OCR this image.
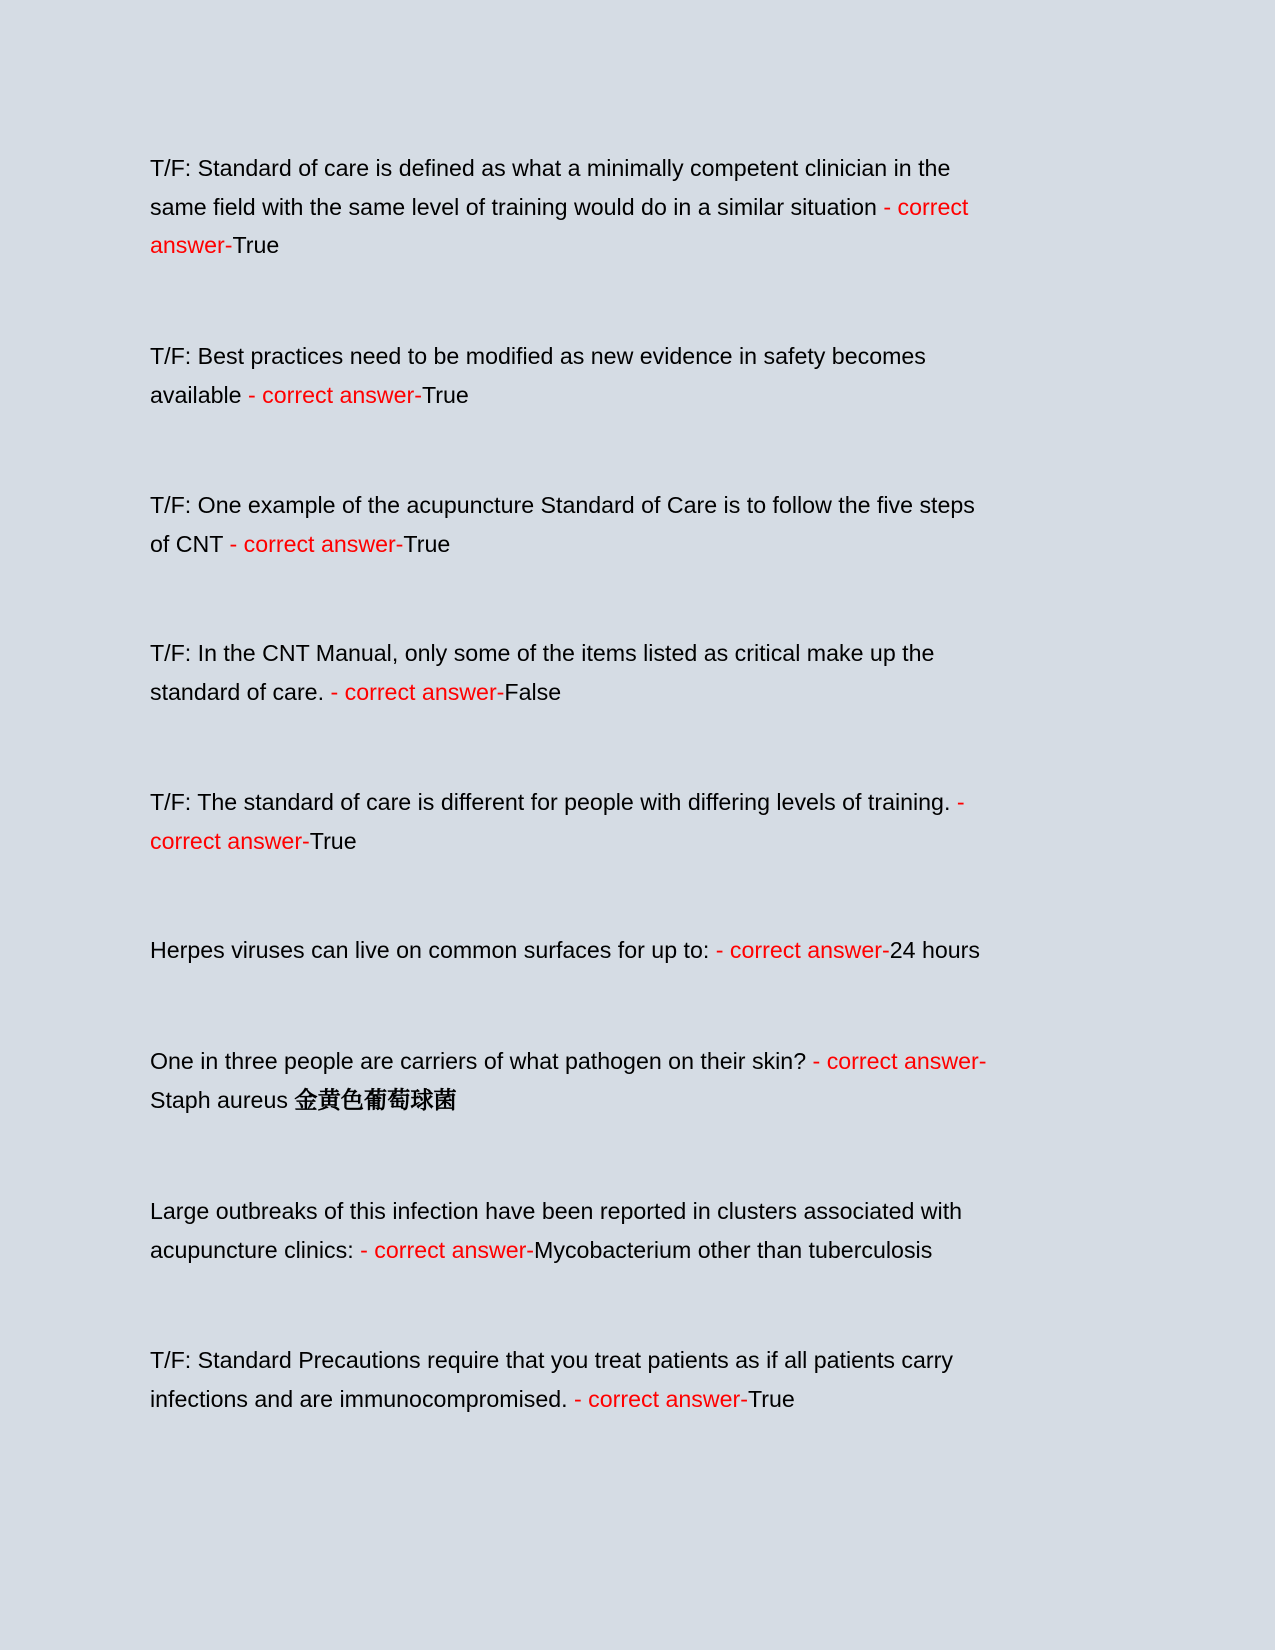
T/F: Standard of care is defined as what a minimally competent clinician in the
same field with the same level of training would do in a similar situation - correct
answer-True
T/F: Best practices need to be modified as new evidence in safety becomes
available - correct answer-True
T/F: One example of the acupuncture Standard of Care is to follow the five steps
of CNT - correct answer-True
T/F: In the CNT Manual, only some of the items listed as critical make up the
standard of care. - correct answer-False
T/F: The standard of care is different for people with differing levels of training. -
correct answer-True
Herpes viruses can live on common surfaces for up to: - correct answer-24 hours
One in three people are carriers of what pathogen on their skin? - correct answer-
Staph aureus 金黄色葡萄球菌
Large outbreaks of this infection have been reported in clusters associated with
acupuncture clinics: - correct answer-Mycobacterium other than tuberculosis
T/F: Standard Precautions require that you treat patients as if all patients carry
infections and are immunocompromised. - correct answer-True
